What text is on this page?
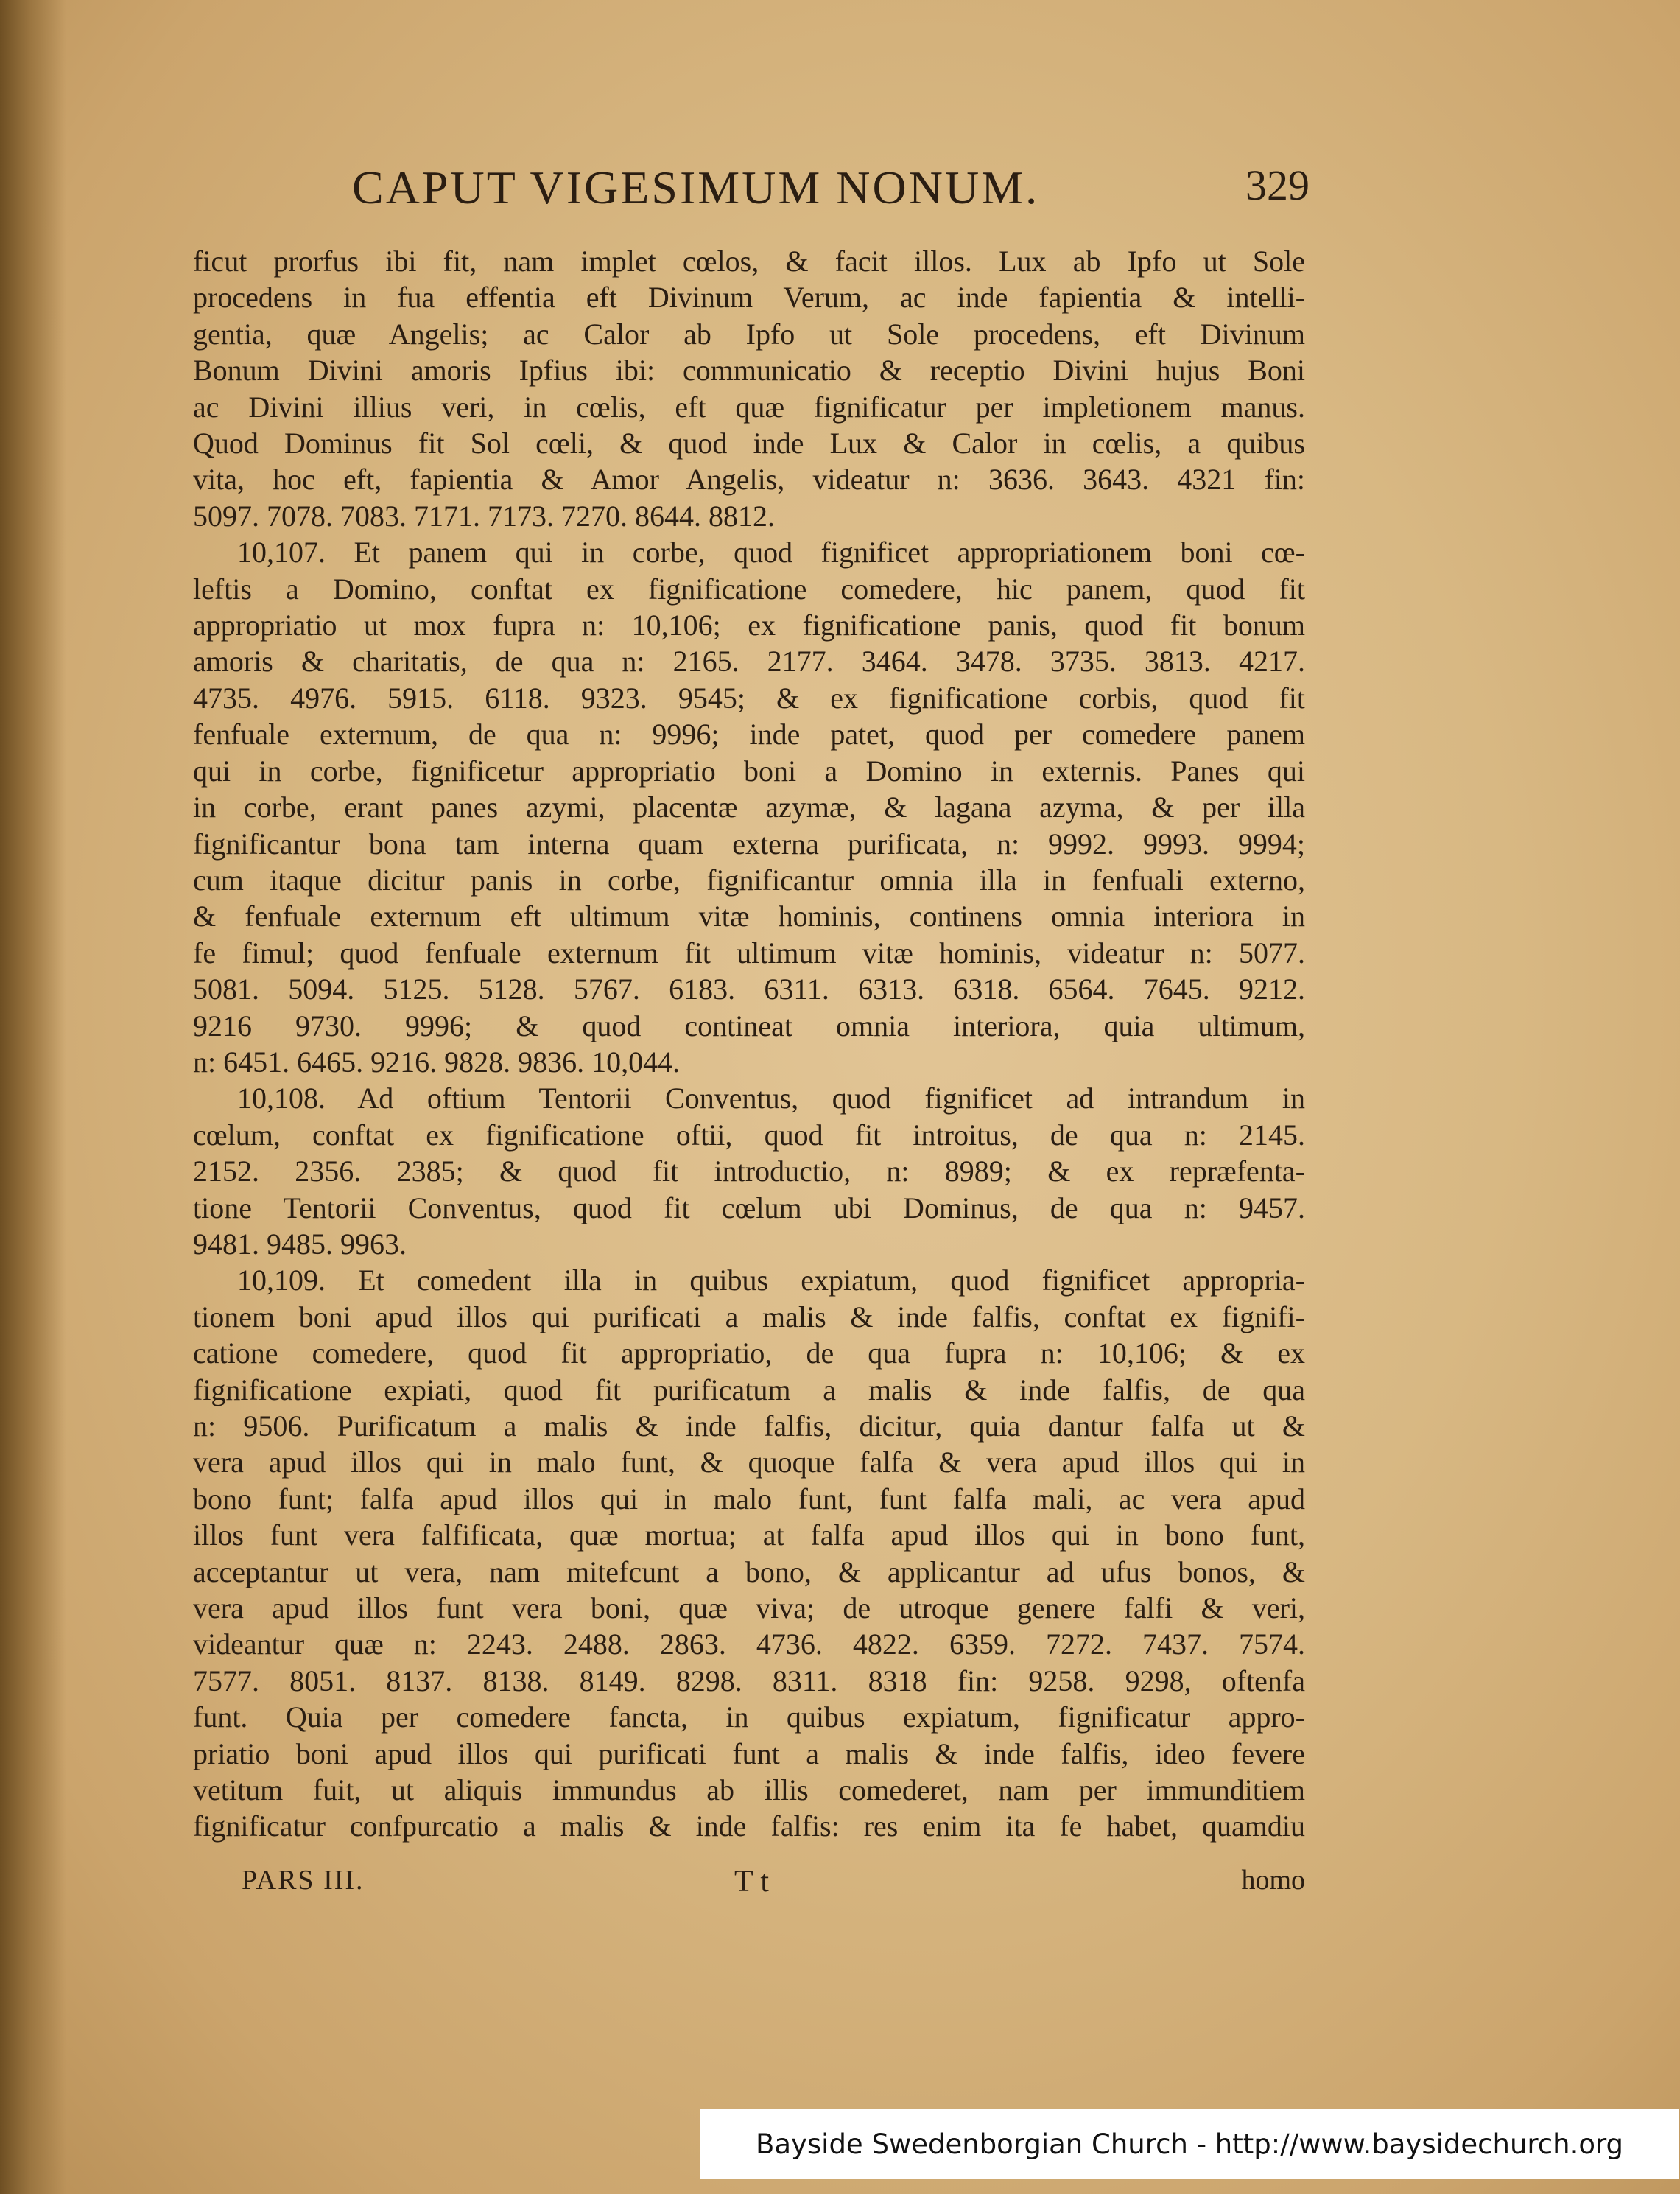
CAPUT VIGESIMUM NONUM.	329
ficut prorfus ibi fit, nam implet cœlos, & facit illos. Lux ab Ipfo ut Sole
procedens in fua effentia eft Divinum Verum, ac inde fapientia & intelli-
gentia, quæ Angelis; ac Calor ab Ipfo ut Sole procedens, eft Divinum
Bonum Divini amoris Ipfius ibi: communicatio & receptio Divini hujus Boni
ac Divini illius veri, in cœlis, eft quæ fignificatur per impletionem manus.
Quod Dominus fit Sol cœli, & quod inde Lux & Calor in cœlis, a quibus
vita, hoc eft, fapientia & Amor Angelis, videatur n: 3636. 3643. 4321 fin:
5097. 7078. 7083. 7171. 7173. 7270. 8644. 8812.
10,107. Et panem qui in corbe, quod fignificet appropriationem boni cœ-
leftis a Domino, conftat ex fignificatione comedere, hic panem, quod fit
appropriatio ut mox fupra n: 10,106; ex fignificatione panis, quod fit bonum
amoris & charitatis, de qua n: 2165. 2177. 3464. 3478. 3735. 3813. 4217.
4735. 4976. 5915. 6118. 9323. 9545; & ex fignificatione corbis, quod fit
fenfuale externum, de qua n: 9996; inde patet, quod per comedere panem
qui in corbe, fignificetur appropriatio boni a Domino in externis. Panes qui
in corbe, erant panes azymi, placentæ azymæ, & lagana azyma, & per illa
fignificantur bona tam interna quam externa purificata, n: 9992. 9993. 9994;
cum itaque dicitur panis in corbe, fignificantur omnia illa in fenfuali externo,
& fenfuale externum eft ultimum vitæ hominis, continens omnia interiora in
fe fimul; quod fenfuale externum fit ultimum vitæ hominis, videatur n: 5077.
5081. 5094. 5125. 5128. 5767. 6183. 6311. 6313. 6318. 6564. 7645. 9212.
9216 9730. 9996; & quod contineat omnia interiora, quia ultimum,
n: 6451. 6465. 9216. 9828. 9836. 10,044.
10,108. Ad oftium Tentorii Conventus, quod fignificet ad intrandum in
cœlum, conftat ex fignificatione oftii, quod fit introitus, de qua n: 2145.
2152. 2356. 2385; & quod fit introductio, n: 8989; & ex repræfenta-
tione Tentorii Conventus, quod fit cœlum ubi Dominus, de qua n: 9457.
9481. 9485. 9963.
10,109. Et comedent illa in quibus expiatum, quod fignificet appropria-
tionem boni apud illos qui purificati a malis & inde falfis, conftat ex fignifi-
catione comedere, quod fit appropriatio, de qua fupra n: 10,106; & ex
fignificatione expiati, quod fit purificatum a malis & inde falfis, de qua
n: 9506. Purificatum a malis & inde falfis, dicitur, quia dantur falfa ut &
vera apud illos qui in malo funt, & quoque falfa & vera apud illos qui in
bono funt; falfa apud illos qui in malo funt, funt falfa mali, ac vera apud
illos funt vera falfificata, quæ mortua; at falfa apud illos qui in bono funt,
acceptantur ut vera, nam mitefcunt a bono, & applicantur ad ufus bonos, &
vera apud illos funt vera boni, quæ viva; de utroque genere falfi & veri,
videantur quæ n: 2243. 2488. 2863. 4736. 4822. 6359. 7272. 7437. 7574.
7577. 8051. 8137. 8138. 8149. 8298. 8311. 8318 fin: 9258. 9298, oftenfa
funt. Quia per comedere fancta, in quibus expiatum, fignificatur appro-
priatio boni apud illos qui purificati funt a malis & inde falfis, ideo fevere
vetitum fuit, ut aliquis immundus ab illis comederet, nam per immunditiem
fignificatur confpurcatio a malis & inde falfis: res enim ita fe habet, quamdiu
PARS III.	T t	homo
Bayside Swedenborgian Church - http://www.baysidechurch.org
